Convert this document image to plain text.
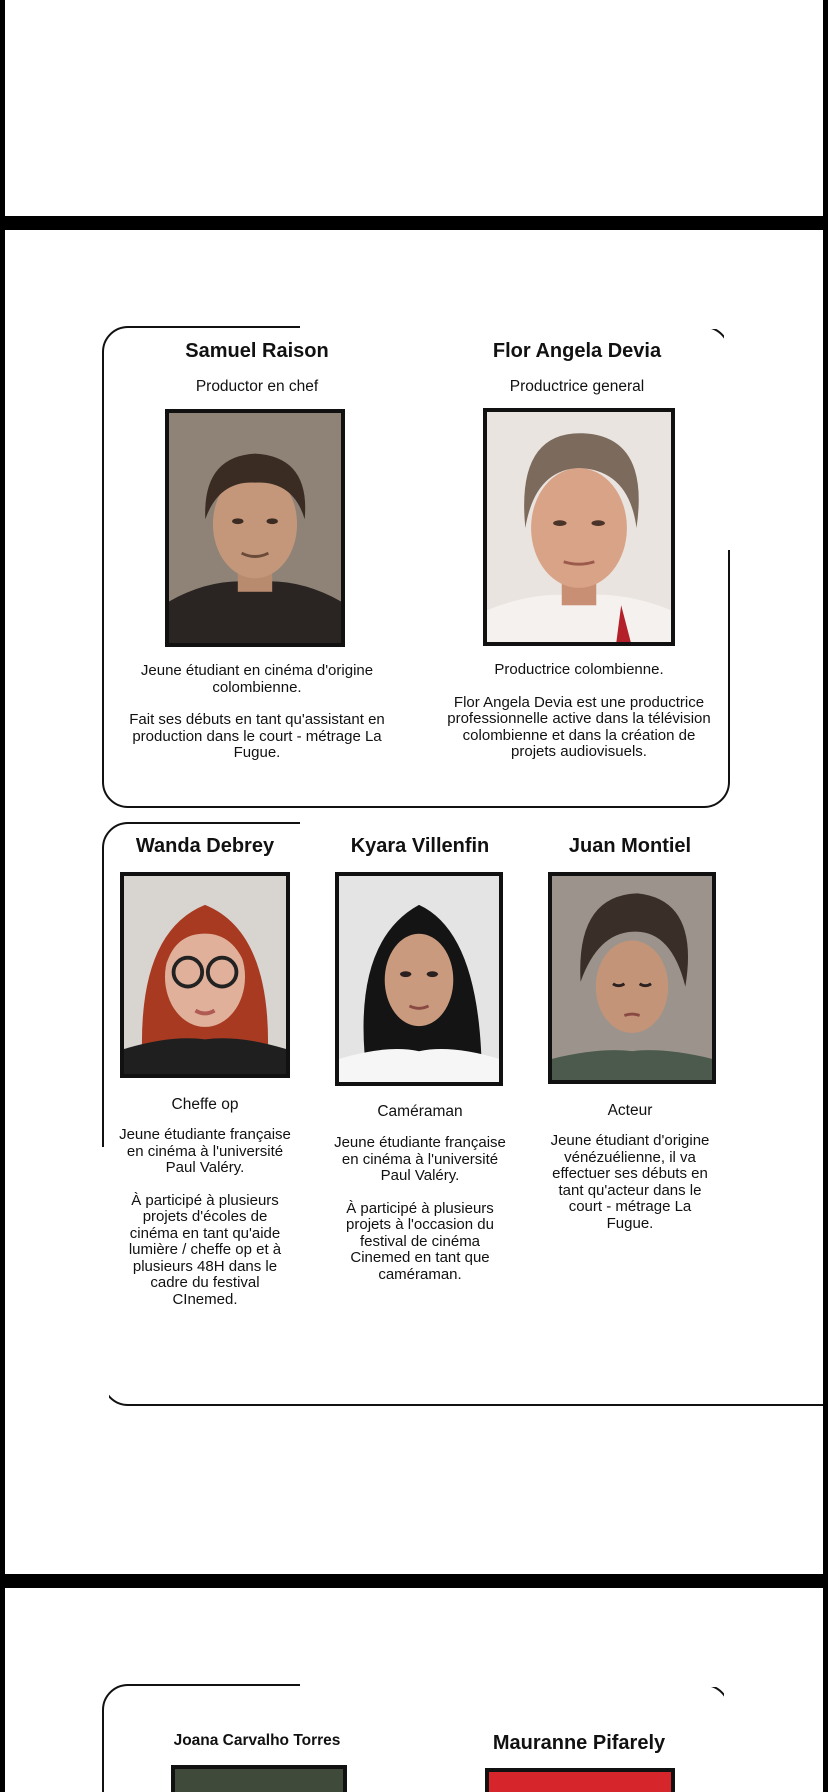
Samuel Raison
Productor en chef

Jeune étudiant en cinéma d'origine colombienne.

Fait ses débuts en tant qu'assistant en production dans le court - métrage La Fugue.

Flor Angela Devia
Productrice general

Productrice colombienne.

Flor Angela Devia est une productrice professionnelle active dans la télévision colombienne et dans la création de projets audiovisuels.

Wanda Debrey
Cheffe op

Jeune étudiante française en cinéma à l'université Paul Valéry.

À participé à plusieurs projets d'écoles de cinéma en tant qu'aide lumière / cheffe op et à plusieurs 48H dans le cadre du festival CInemed.

Kyara Villenfin
Caméraman

Jeune étudiante française en cinéma à l'université Paul Valéry.

À participé à plusieurs projets à l'occasion du festival de cinéma Cinemed en tant que caméraman.

Juan Montiel
Acteur

Jeune étudiant d'origine vénézuélienne, il va effectuer ses débuts en tant qu'acteur dans le court - métrage La Fugue.

Joana Carvalho Torres	Mauranne Pifarely
